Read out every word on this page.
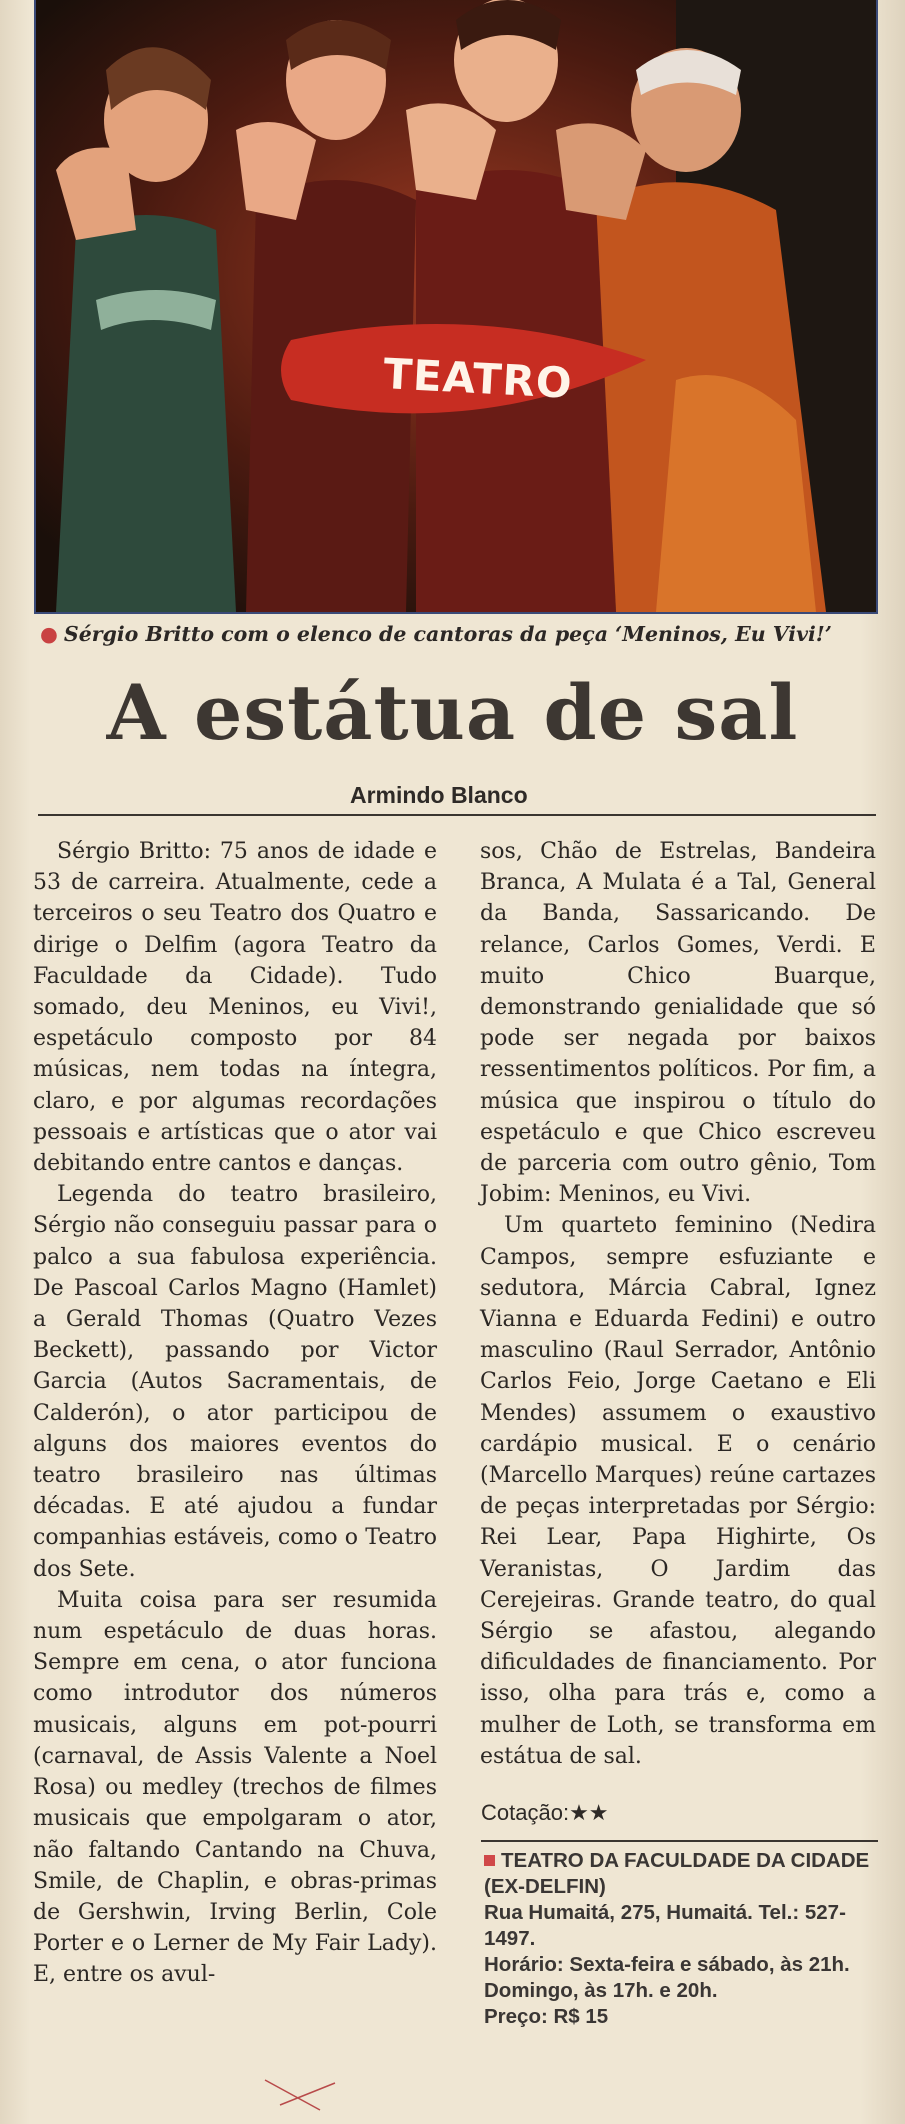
TEATRO
● Sérgio Britto com o elenco de cantoras da peça ‘Meninos, Eu Vivi!’
A estátua de sal
Armindo Blanco

Sérgio Britto: 75 anos de idade e 53 de carreira. Atualmente, cede a terceiros o seu Teatro dos Quatro e dirige o Delfim (agora Teatro da Faculdade da Cidade). Tudo somado, deu Meninos, eu Vivi!, espetáculo composto por 84 músicas, nem todas na íntegra, claro, e por algumas recordações pessoais e artísticas que o ator vai debitando entre cantos e danças.

Legenda do teatro brasileiro, Sérgio não conseguiu passar para o palco a sua fabulosa experiência. De Pascoal Carlos Magno (Hamlet) a Gerald Thomas (Quatro Vezes Beckett), passando por Victor Garcia (Autos Sacramentais, de Calderón), o ator participou de alguns dos maiores eventos do teatro brasileiro nas últimas décadas. E até ajudou a fundar companhias estáveis, como o Teatro dos Sete.

Muita coisa para ser resumida num espetáculo de duas horas. Sempre em cena, o ator funciona como introdutor dos números musicais, alguns em pot-pourri (carnaval, de Assis Valente a Noel Rosa) ou medley (trechos de filmes musicais que empolgaram o ator, não faltando Cantando na Chuva, Smile, de Chaplin, e obras-primas de Gershwin, Irving Berlin, Cole Porter e o Lerner de My Fair Lady). E, entre os avul-

sos, Chão de Estrelas, Bandeira Branca, A Mulata é a Tal, General da Banda, Sassaricando. De relance, Carlos Gomes, Verdi. E muito Chico Buarque, demonstrando genialidade que só pode ser negada por baixos ressentimentos políticos. Por fim, a música que inspirou o título do espetáculo e que Chico escreveu de parceria com outro gênio, Tom Jobim: Meninos, eu Vivi.

Um quarteto feminino (Nedira Campos, sempre esfuziante e sedutora, Márcia Cabral, Ignez Vianna e Eduarda Fedini) e outro masculino (Raul Serrador, Antônio Carlos Feio, Jorge Caetano e Eli Mendes) assumem o exaustivo cardápio musical. E o cenário (Marcello Marques) reúne cartazes de peças interpretadas por Sérgio: Rei Lear, Papa Highirte, Os Veranistas, O Jardim das Cerejeiras. Grande teatro, do qual Sérgio se afastou, alegando dificuldades de financiamento. Por isso, olha para trás e, como a mulher de Loth, se transforma em estátua de sal.

Cotação:★★
TEATRO DA FACULDADE DA CIDADE (EX-DELFIN)
Rua Humaitá, 275, Humaitá. Tel.: 527-1497.
Horário: Sexta-feira e sábado, às 21h. Domingo, às 17h. e 20h.
Preço: R$ 15
